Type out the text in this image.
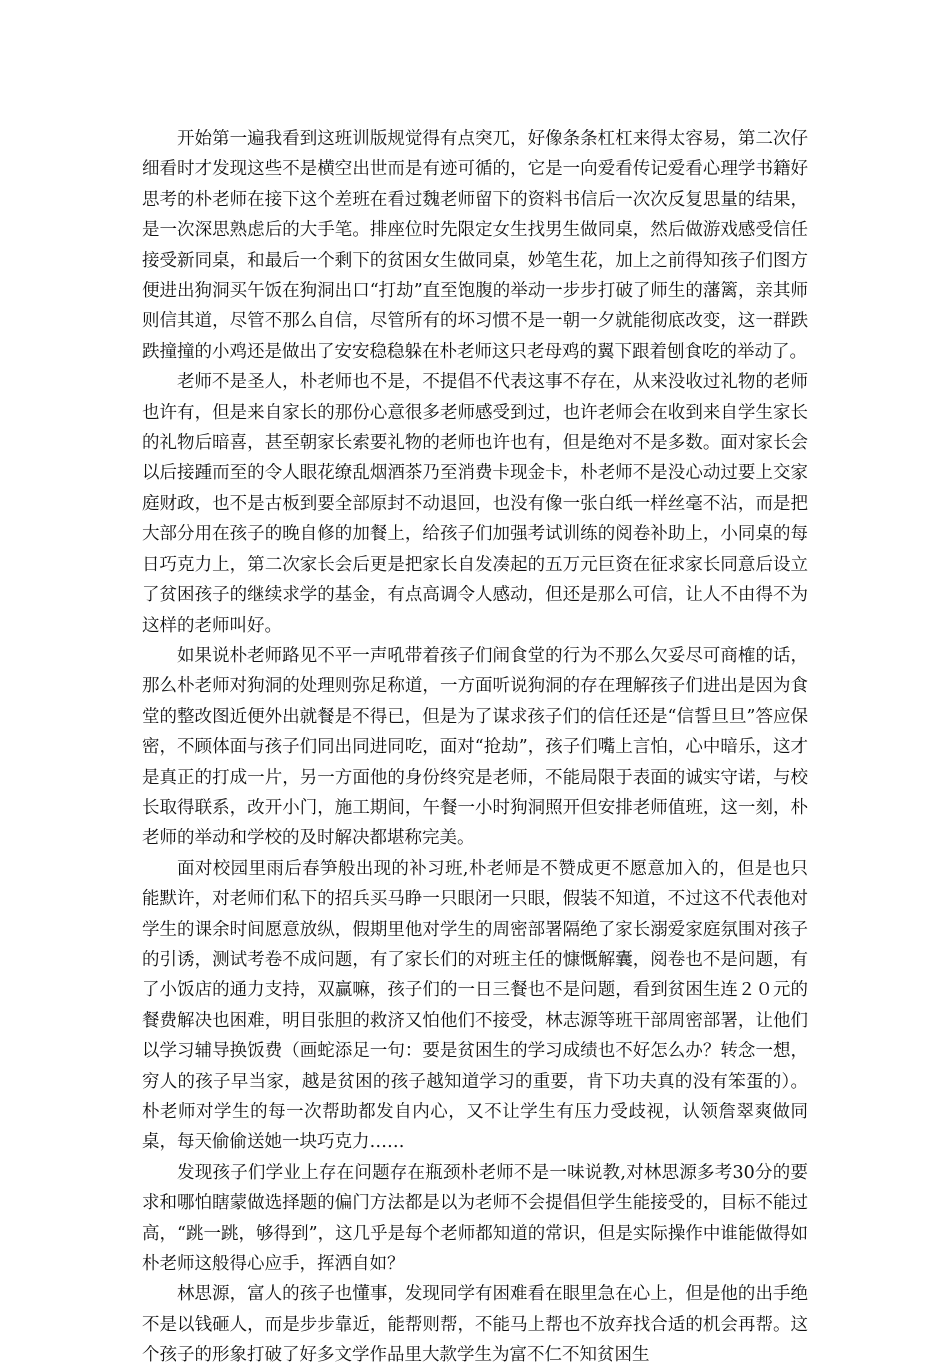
开始第一遍我看到这班训版规觉得有点突兀，好像条条杠杠来得太容易，第二次仔细看时才发现这些不是横空出世而是有迹可循的，它是一向爱看传记爱看心理学书籍好思考的朴老师在接下这个差班在看过魏老师留下的资料书信后一次次反复思量的结果，是一次深思熟虑后的大手笔。排座位时先限定女生找男生做同桌，然后做游戏感受信任接受新同桌，和最后一个剩下的贫困女生做同桌，妙笔生花，加上之前得知孩子们图方便进出狗洞买午饭在狗洞出口“打劫”直至饱腹的举动一步步打破了师生的藩篱，亲其师则信其道，尽管不那么自信，尽管所有的坏习惯不是一朝一夕就能彻底改变，这一群跌跌撞撞的小鸡还是做出了安安稳稳躲在朴老师这只老母鸡的翼下跟着刨食吃的举动了。

老师不是圣人，朴老师也不是，不提倡不代表这事不存在，从来没收过礼物的老师也许有，但是来自家长的那份心意很多老师感受到过，也许老师会在收到来自学生家长的礼物后暗喜，甚至朝家长索要礼物的老师也许也有，但是绝对不是多数。面对家长会以后接踵而至的令人眼花缭乱烟酒茶乃至消费卡现金卡，朴老师不是没心动过要上交家庭财政，也不是古板到要全部原封不动退回，也没有像一张白纸一样丝毫不沾，而是把大部分用在孩子的晚自修的加餐上，给孩子们加强考试训练的阅卷补助上，小同桌的每日巧克力上，第二次家长会后更是把家长自发凑起的五万元巨资在征求家长同意后设立了贫困孩子的继续求学的基金，有点高调令人感动，但还是那么可信，让人不由得不为这样的老师叫好。

如果说朴老师路见不平一声吼带着孩子们闹食堂的行为不那么欠妥尽可商榷的话，那么朴老师对狗洞的处理则弥足称道，一方面听说狗洞的存在理解孩子们进出是因为食堂的整改图近便外出就餐是不得已，但是为了谋求孩子们的信任还是“信誓旦旦”答应保密，不顾体面与孩子们同出同进同吃，面对“抢劫”，孩子们嘴上言怕，心中暗乐，这才是真正的打成一片，另一方面他的身份终究是老师，不能局限于表面的诚实守诺，与校长取得联系，改开小门，施工期间，午餐一小时狗洞照开但安排老师值班，这一刻，朴老师的举动和学校的及时解决都堪称完美。

面对校园里雨后春笋般出现的补习班,朴老师是不赞成更不愿意加入的，但是也只能默许，对老师们私下的招兵买马睁一只眼闭一只眼，假装不知道，不过这不代表他对学生的课余时间愿意放纵，假期里他对学生的周密部署隔绝了家长溺爱家庭氛围对孩子的引诱，测试考卷不成问题，有了家长们的对班主任的慷慨解囊，阅卷也不是问题，有了小饭店的通力支持，双赢嘛，孩子们的一日三餐也不是问题，看到贫困生连２０元的餐费解决也困难，明目张胆的救济又怕他们不接受，林志源等班干部周密部署，让他们以学习辅导换饭费（画蛇添足一句：要是贫困生的学习成绩也不好怎么办？转念一想，穷人的孩子早当家，越是贫困的孩子越知道学习的重要，肯下功夫真的没有笨蛋的）。朴老师对学生的每一次帮助都发自内心，又不让学生有压力受歧视，认领詹翠爽做同桌，每天偷偷送她一块巧克力……

发现孩子们学业上存在问题存在瓶颈朴老师不是一味说教,对林思源多考30分的要求和哪怕瞎蒙做选择题的偏门方法都是以为老师不会提倡但学生能接受的，目标不能过高，“跳一跳，够得到”，这几乎是每个老师都知道的常识，但是实际操作中谁能做得如朴老师这般得心应手，挥洒自如？

林思源，富人的孩子也懂事，发现同学有困难看在眼里急在心上，但是他的出手绝不是以钱砸人，而是步步靠近，能帮则帮，不能马上帮也不放弃找合适的机会再帮。这个孩子的形象打破了好多文学作品里大款学生为富不仁不知贫困生
